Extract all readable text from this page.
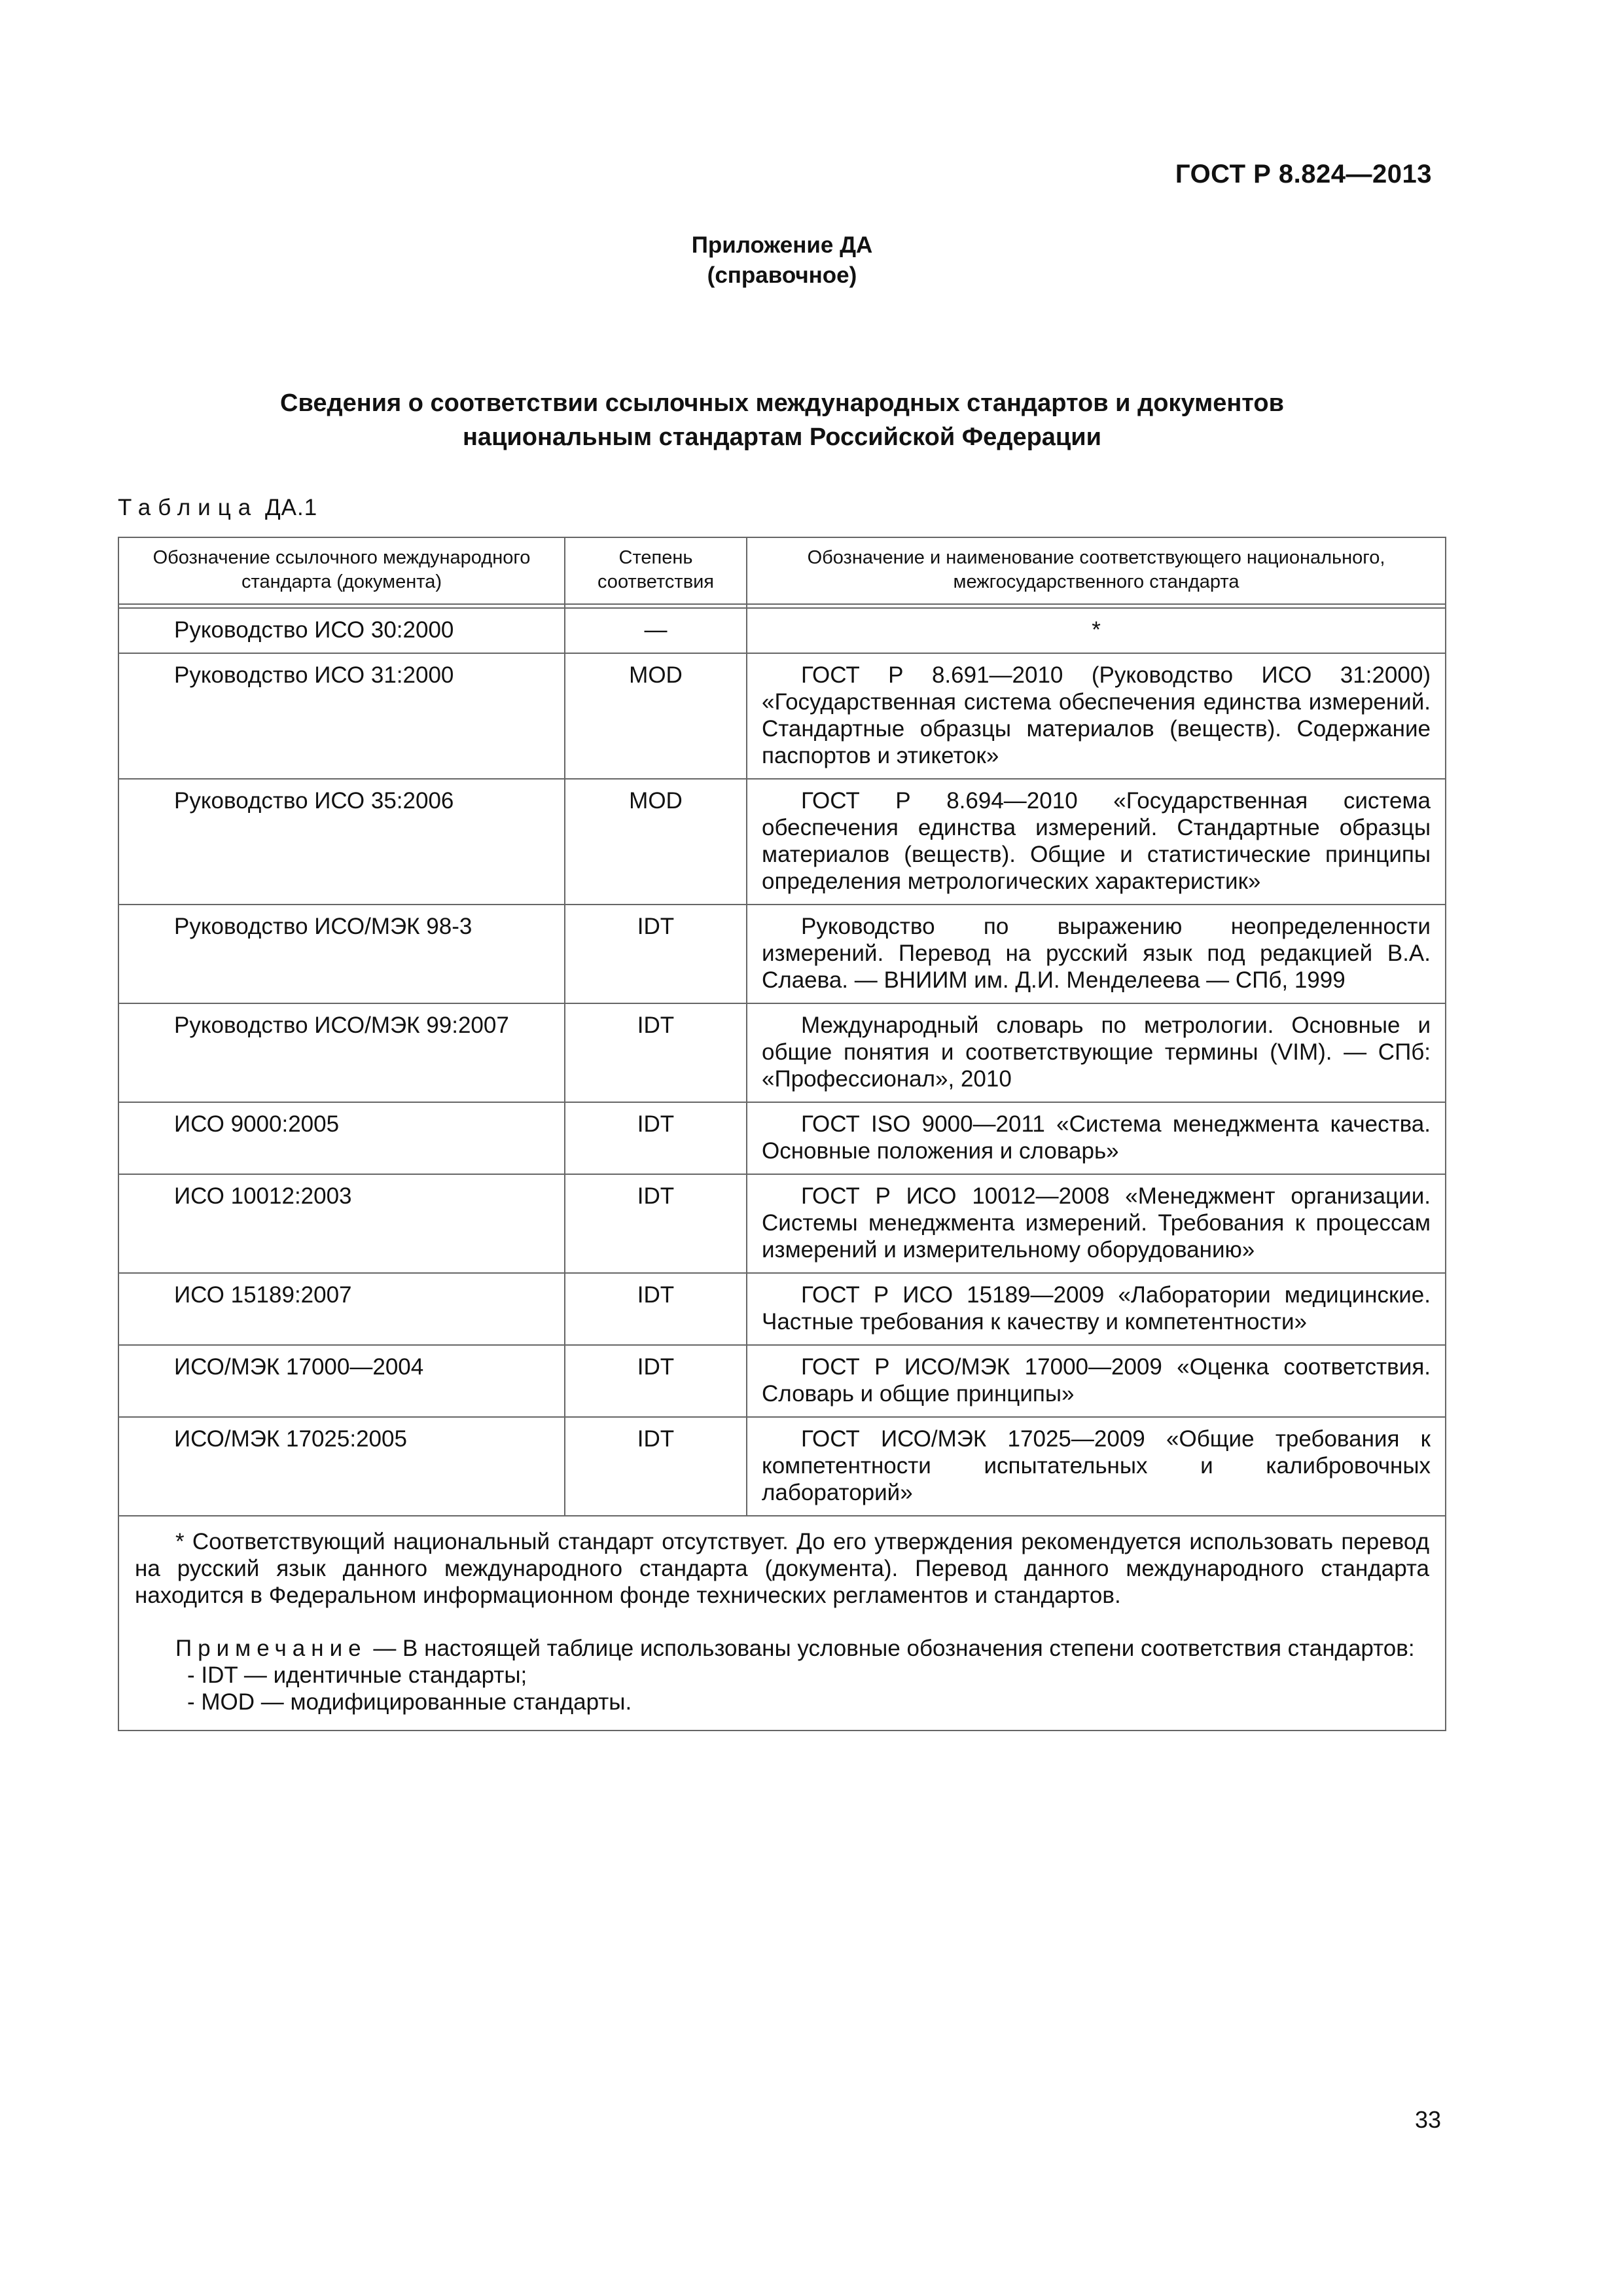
ГОСТ Р 8.824—2013
Приложение ДА
(справочное)
Сведения о соответствии ссылочных международных стандартов и документов
национальным стандартам Российской Федерации
Таблица ДА.1
Обозначение ссылочного международного стандарта (документа)	Степень соответствия	Обозначение и наименование соответствующего национального, межгосударственного стандарта

Руководство ИСО 30:2000	—	*
Руководство ИСО 31:2000	MOD	ГОСТ Р 8.691—2010 (Руководство ИСО 31:2000) «Государственная система обеспечения единства измерений. Стандартные образцы материалов (веществ). Содержание паспортов и этикеток»
Руководство ИСО 35:2006	MOD	ГОСТ Р 8.694—2010 «Государственная система обеспечения единства измерений. Стандартные образцы материалов (веществ). Общие и статистические принципы определения метрологических характеристик»
Руководство ИСО/МЭК 98-3	IDT	Руководство по выражению неопределенности измерений. Перевод на русский язык под редакцией В.А. Слаева. — ВНИИМ им. Д.И. Менделеева — СПб, 1999
Руководство ИСО/МЭК 99:2007	IDT	Международный словарь по метрологии. Основные и общие понятия и соответствующие термины (VIM). — СПб: «Профессионал», 2010
ИСО 9000:2005	IDT	ГОСТ ISO 9000—2011 «Система менеджмента качества. Основные положения и словарь»
ИСО 10012:2003	IDT	ГОСТ Р ИСО 10012—2008 «Менеджмент организации. Системы менеджмента измерений. Требования к процессам измерений и измерительному оборудованию»
ИСО 15189:2007	IDT	ГОСТ Р ИСО 15189—2009 «Лаборатории медицинские. Частные требования к качеству и компетентности»
ИСО/МЭК 17000—2004	IDT	ГОСТ Р ИСО/МЭК 17000—2009 «Оценка соответствия. Словарь и общие принципы»
ИСО/МЭК 17025:2005	IDT	ГОСТ ИСО/МЭК 17025—2009 «Общие требования к компетентности испытательных и калибровочных лабораторий»

* Соответствующий национальный стандарт отсутствует. До его утверждения рекомендуется использовать перевод на русский язык данного международного стандарта (документа). Перевод данного международного стандарта находится в Федеральном информационном фонде технических регламентов и стандартов.

Примечание — В настоящей таблице использованы условные обозначения степени соответствия стандартов:

- IDT — идентичные стандарты;

- MOD — модифицированные стандарты.		

33
